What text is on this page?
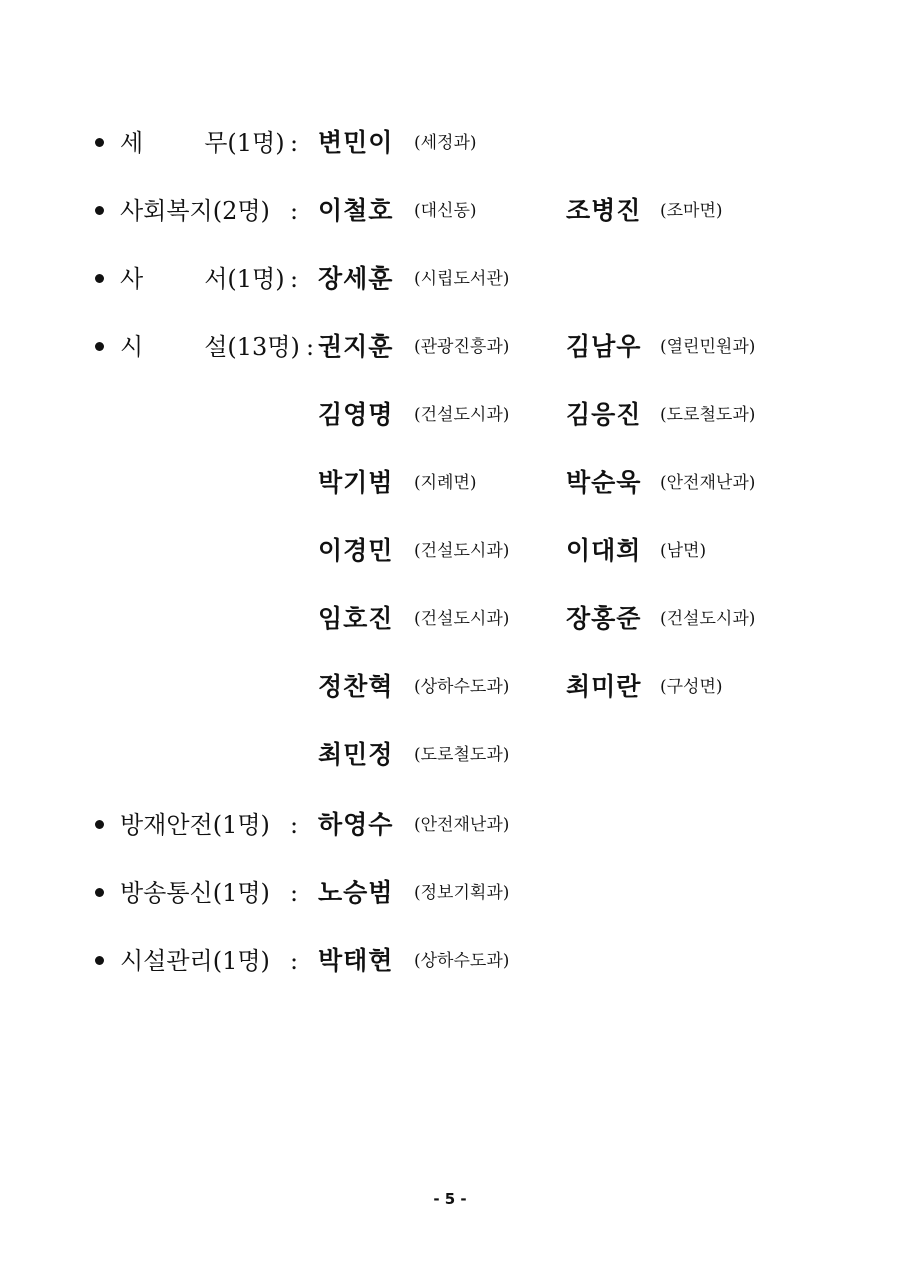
세        무(1명) : 변민이 (세정과)
사회복지(2명) : 이철호 (대신동)	조병진 (조마면)
사        서(1명) : 장세훈 (시립도서관)
시        설(13명) : 권지훈 (관광진흥과) 김남우 (열린민원과)
김영명 (건설도시과) 김응진 (도로철도과)
박기범 (지례면)	박순욱 (안전재난과)
이경민 (건설도시과) 이대희 (남면)
임호진 (건설도시과) 장홍준 (건설도시과)
정찬혁 (상하수도과) 최미란 (구성면)
최민정 (도로철도과)
방재안전(1명) : 하영수 (안전재난과)
방송통신(1명) : 노승범 (정보기획과)
시설관리(1명) : 박태현 (상하수도과)
- 5 -
